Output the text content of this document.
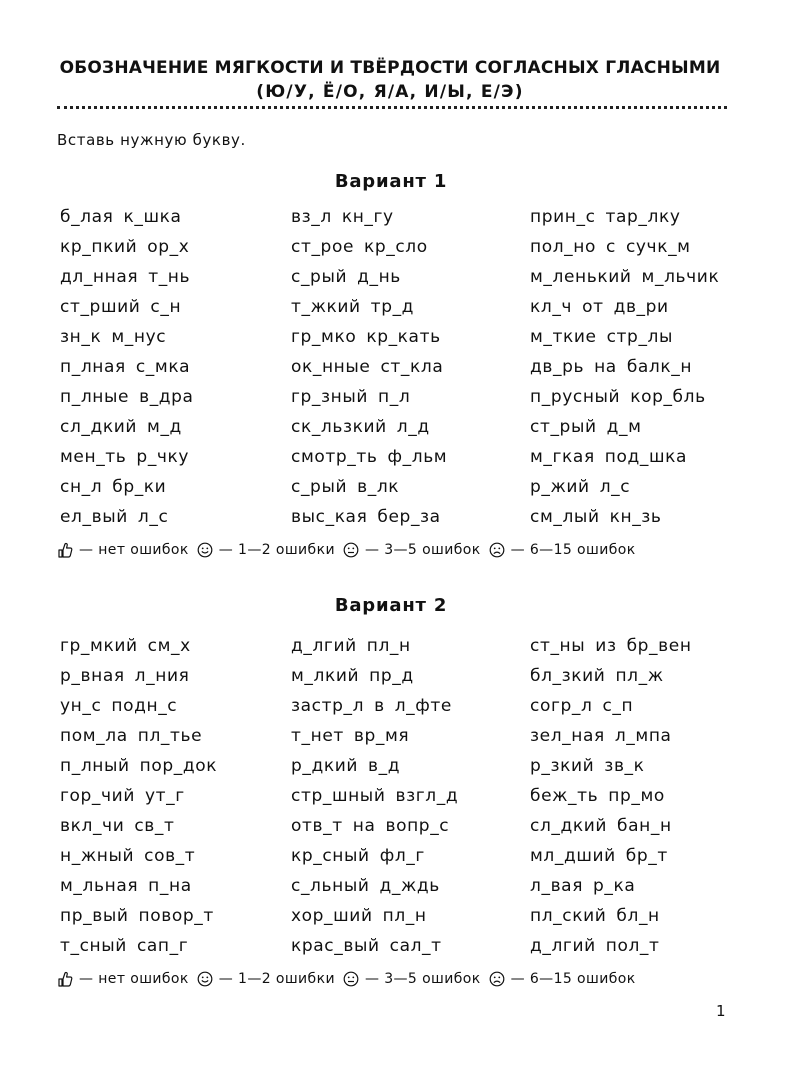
ОБОЗНАЧЕНИЕ МЯГКОСТИ И ТВЁРДОСТИ СОГЛАСНЫХ ГЛАСНЫМИ
(Ю/У, Ё/О, Я/А, И/Ы, Е/Э)
Вставь нужную букву.
Вариант 1
б_лая к_шка	вз_л кн_гу	прин_с тар_лку
кр_пкий ор_х	ст_рое кр_сло	пол_но с сучк_м
дл_нная т_нь	с_рый д_нь	м_ленький м_льчик
ст_рший с_н	т_жкий тр_д	кл_ч от дв_ри
зн_к м_нус	гр_мко кр_кать	м_ткие стр_лы
п_лная с_мка	ок_нные ст_кла	дв_рь на балк_н
п_лные в_дра	гр_зный п_л	п_русный кор_бль
сл_дкий м_д	ск_льзкий л_д	ст_рый д_м
мен_ть р_чку	смотр_ть ф_льм	м_гкая под_шка
сн_л бр_ки	с_рый в_лк	р_жий л_с
ел_вый л_с	выс_кая бер_за	см_лый кн_зь
— нет ошибок — 1—2 ошибки — 3—5 ошибок — 6—15 ошибок
Вариант 2
гр_мкий см_х	д_лгий пл_н	ст_ны из бр_вен
р_вная л_ния	м_лкий пр_д	бл_зкий пл_ж
ун_с подн_с	застр_л в л_фте	согр_л с_п
пом_ла пл_тье	т_нет вр_мя	зел_ная л_мпа
п_лный пор_док	р_дкий в_д	р_зкий зв_к
гор_чий ут_г	стр_шный взгл_д	беж_ть пр_мо
вкл_чи св_т	отв_т на вопр_с	сл_дкий бан_н
н_жный сов_т	кр_сный фл_г	мл_дший бр_т
м_льная п_на	с_льный д_ждь	л_вая р_ка
пр_вый повор_т	хор_ший пл_н	пл_ский бл_н
т_сный сап_г	крас_вый сал_т	д_лгий пол_т
— нет ошибок — 1—2 ошибки — 3—5 ошибок — 6—15 ошибок
1
